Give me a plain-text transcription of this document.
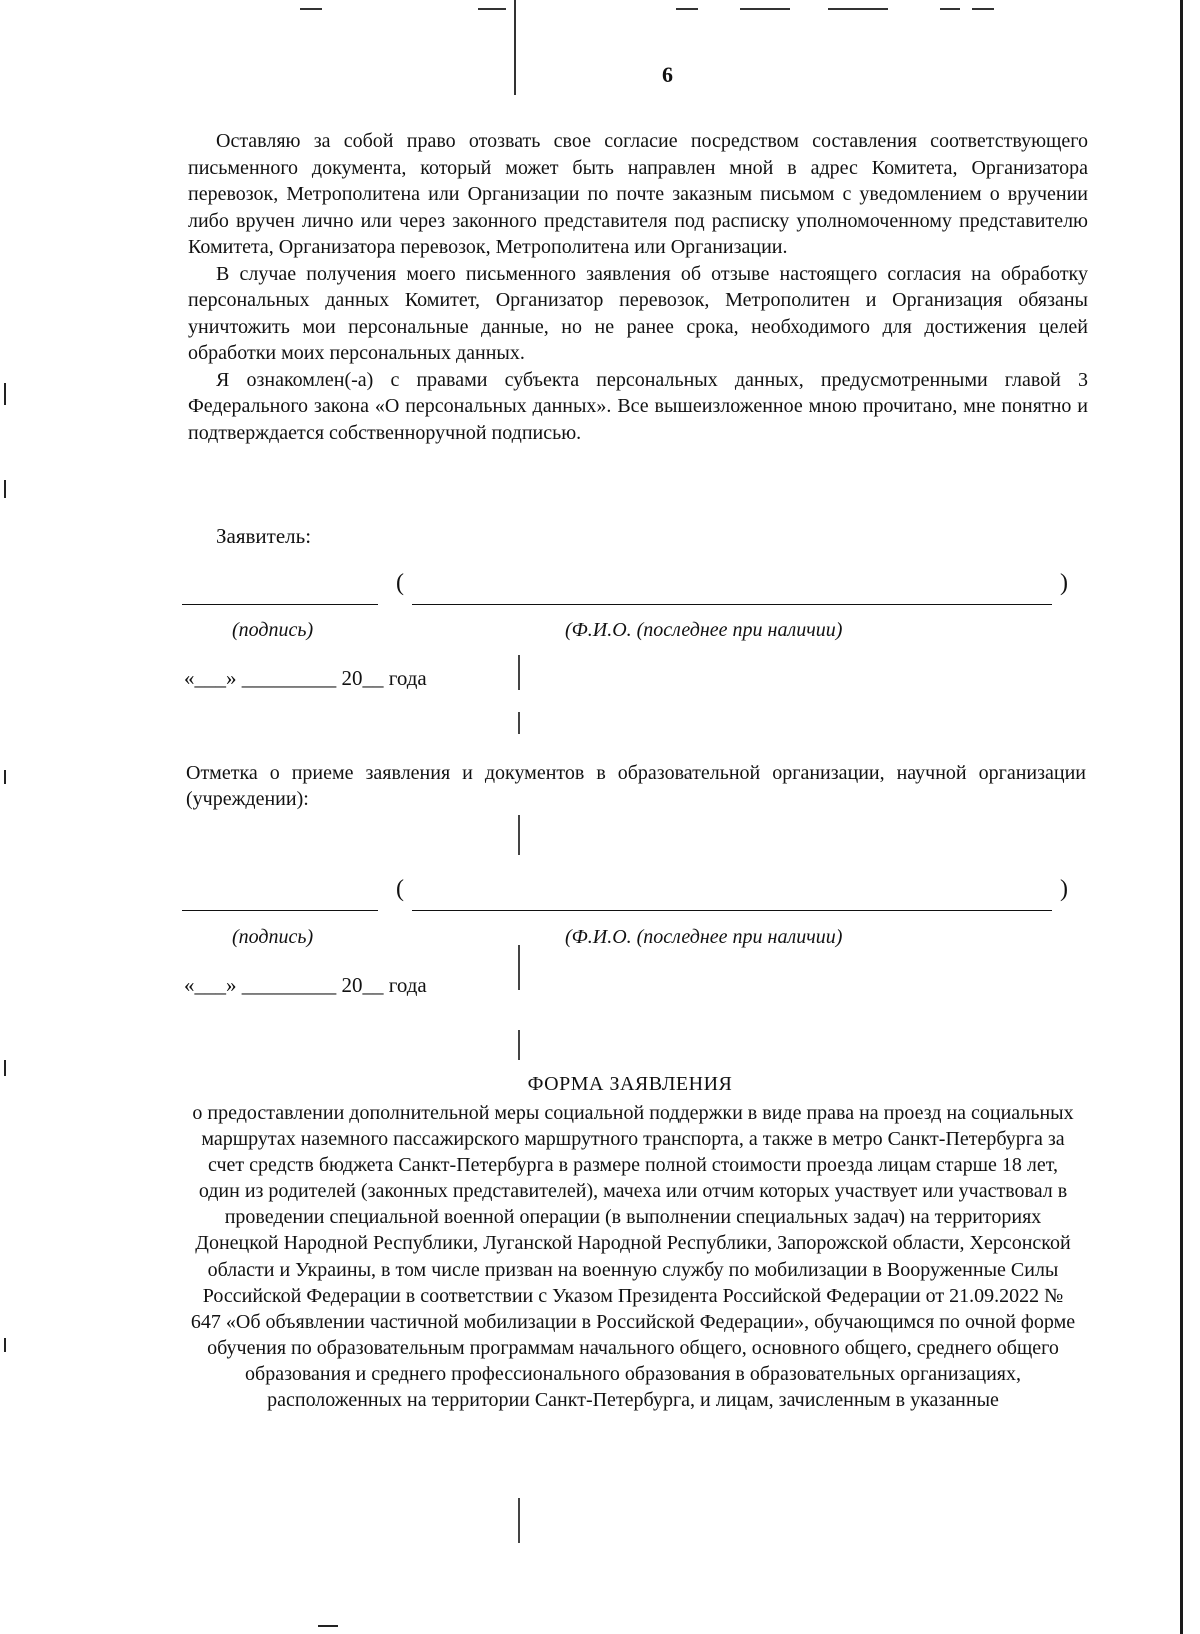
6

Оставляю за собой право отозвать свое согласие посредством составления соответствующего письменного документа, который может быть направлен мной в адрес Комитета, Организатора перевозок, Метрополитена или Организации по почте заказным письмом с уведомлением о вручении либо вручен лично или через законного представителя под расписку уполномоченному представителю Комитета, Организатора перевозок, Метрополитена или Организации.

В случае получения моего письменного заявления об отзыве настоящего согласия на обработку персональных данных Комитет, Организатор перевозок, Метрополитен и Организация обязаны уничтожить мои персональные данные, но не ранее срока, необходимого для достижения целей обработки моих персональных данных.

Я ознакомлен(-а) с правами субъекта персональных данных, предусмотренными главой 3 Федерального закона «О персональных данных». Все вышеизложенное мною прочитано, мне понятно и подтверждается собственноручной подписью.

Заявитель:
(	)
(подпись)	(Ф.И.О. (последнее при наличии)
«___» _________ 20__ года
Отметка о приеме заявления и документов в образовательной организации, научной организации (учреждении):
(	)
(подпись)	(Ф.И.О. (последнее при наличии)
«___» _________ 20__ года
ФОРМА ЗАЯВЛЕНИЯ
о предоставлении дополнительной меры социальной поддержки в виде права на проезд на социальных маршрутах наземного пассажирского маршрутного транспорта, а также в метро Санкт-Петербурга за счет средств бюджета Санкт-Петербурга в размере полной стоимости проезда лицам старше 18 лет, один из родителей (законных представителей), мачеха или отчим которых участвует или участвовал в проведении специальной военной операции (в выполнении специальных задач) на территориях Донецкой Народной Республики, Луганской Народной Республики, Запорожской области, Херсонской области и Украины, в том числе призван на военную службу по мобилизации в Вооруженные Силы Российской Федерации в соответствии с Указом Президента Российской Федерации от 21.09.2022 № 647 «Об объявлении частичной мобилизации в Российской Федерации», обучающимся по очной форме обучения по образовательным программам начального общего, основного общего, среднего общего образования и среднего профессионального образования в образовательных организациях, расположенных на территории Санкт-Петербурга, и лицам, зачисленным в указанные
